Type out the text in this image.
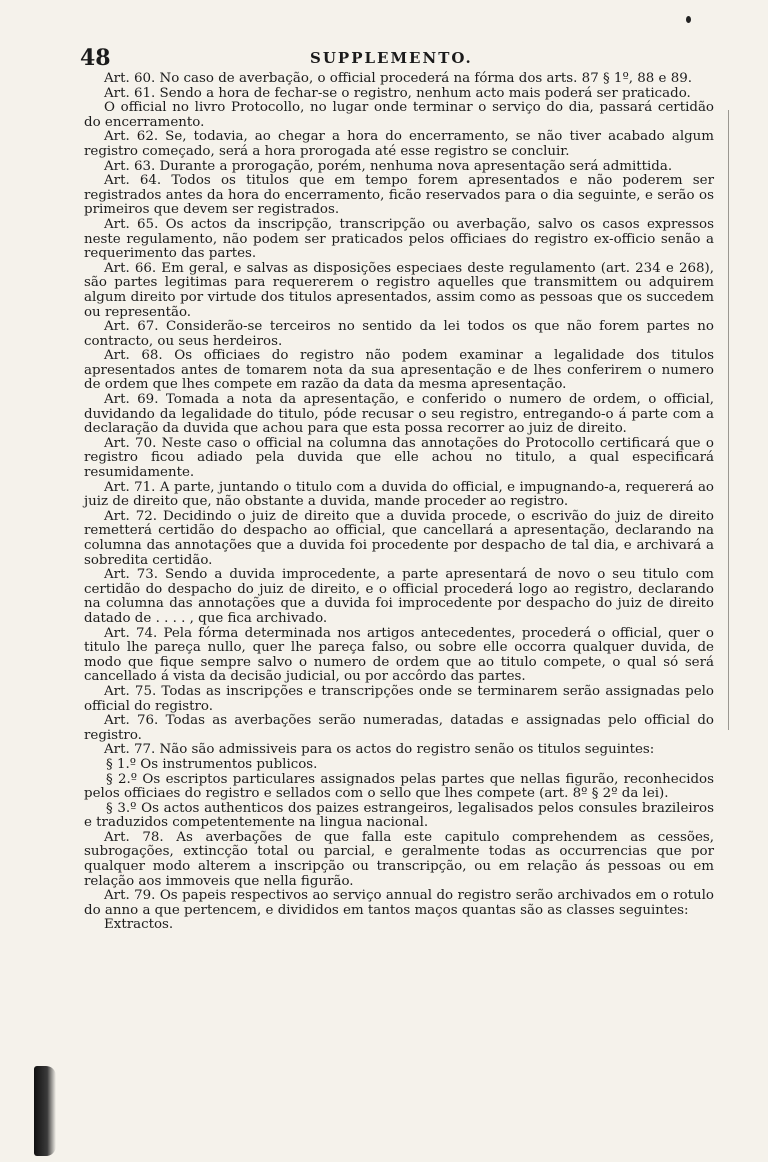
48	SUPPLEMENTO.

Art. 60. No caso de averbação, o official procederá na fórma dos arts. 87 § 1º, 88 e 89.

Art. 61. Sendo a hora de fechar-se o registro, nenhum acto mais poderá ser praticado.

O official no livro Protocollo, no lugar onde terminar o serviço do dia, passará certidão do encerramento.

Art. 62. Se, todavia, ao chegar a hora do encerramento, se não tiver acabado algum registro começado, será a hora prorogada até esse registro se concluir.

Art. 63. Durante a prorogação, porém, nenhuma nova apresentação será admittida.

Art. 64. Todos os titulos que em tempo forem apresentados e não poderem ser registrados antes da hora do encerramento, ficão reservados para o dia seguinte, e serão os primeiros que devem ser registrados.

Art. 65. Os actos da inscripção, transcripção ou averbação, salvo os casos expressos neste regulamento, não podem ser praticados pelos officiaes do registro ex-officio senão a requerimento das partes.

Art. 66. Em geral, e salvas as disposições especiaes deste regulamento (art. 234 e 268), são partes legitimas para requererem o registro aquelles que transmittem ou adquirem algum direito por virtude dos titulos apresentados, assim como as pessoas que os succedem ou representão.

Art. 67. Considerão-se terceiros no sentido da lei todos os que não forem partes no contracto, ou seus herdeiros.

Art. 68. Os officiaes do registro não podem examinar a legalidade dos titulos apresentados antes de tomarem nota da sua apresentação e de lhes conferirem o numero de ordem que lhes compete em razão da data da mesma apresentação.

Art. 69. Tomada a nota da apresentação, e conferido o numero de ordem, o official, duvidando da legalidade do titulo, póde recusar o seu registro, entregando-o á parte com a declaração da duvida que achou para que esta possa recorrer ao juiz de direito.

Art. 70. Neste caso o official na columna das annotações do Protocollo certificará que o registro ficou adiado pela duvida que elle achou no titulo, a qual especificará resumidamente.

Art. 71. A parte, juntando o titulo com a duvida do official, e impugnando-a, requererá ao juiz de direito que, não obstante a duvida, mande proceder ao registro.

Art. 72. Decidindo o juiz de direito que a duvida procede, o escrivão do juiz de direito remetterá certidão do despacho ao official, que cancellará a apresentação, declarando na columna das annotações que a duvida foi procedente por despacho de tal dia, e archivará a sobredita certidão.

Art. 73. Sendo a duvida improcedente, a parte apresentará de novo o seu titulo com certidão do despacho do juiz de direito, e o official procederá logo ao registro, declarando na columna das annotações que a duvida foi improcedente por despacho do juiz de direito datado de . . . . , que fica archivado.

Art. 74. Pela fórma determinada nos artigos antecedentes, procederá o official, quer o titulo lhe pareça nullo, quer lhe pareça falso, ou sobre elle occorra qualquer duvida, de modo que fique sempre salvo o numero de ordem que ao titulo compete, o qual só será cancellado á vista da decisão judicial, ou por accôrdo das partes.

Art. 75. Todas as inscripções e transcripções onde se terminarem serão assignadas pelo official do registro.

Art. 76. Todas as averbações serão numeradas, datadas e assignadas pelo official do registro.

Art. 77. Não são admissiveis para os actos do registro senão os titulos seguintes:

§ 1.º Os instrumentos publicos.

§ 2.º Os escriptos particulares assignados pelas partes que nellas figurão, reconhecidos pelos officiaes do registro e sellados com o sello que lhes compete (art. 8º § 2º da lei).

§ 3.º Os actos authenticos dos paizes estrangeiros, legalisados pelos consules brazileiros e traduzidos competentemente na lingua nacional.

Art. 78. As averbações de que falla este capitulo comprehendem as cessões, subrogações, extincção total ou parcial, e geralmente todas as occurrencias que por qualquer modo alterem a inscripção ou transcripção, ou em relação ás pessoas ou em relação aos immoveis que nella figurão.

Art. 79. Os papeis respectivos ao serviço annual do registro serão archivados em o rotulo do anno a que pertencem, e divididos em tantos maços quantas são as classes seguintes:

Extractos.
